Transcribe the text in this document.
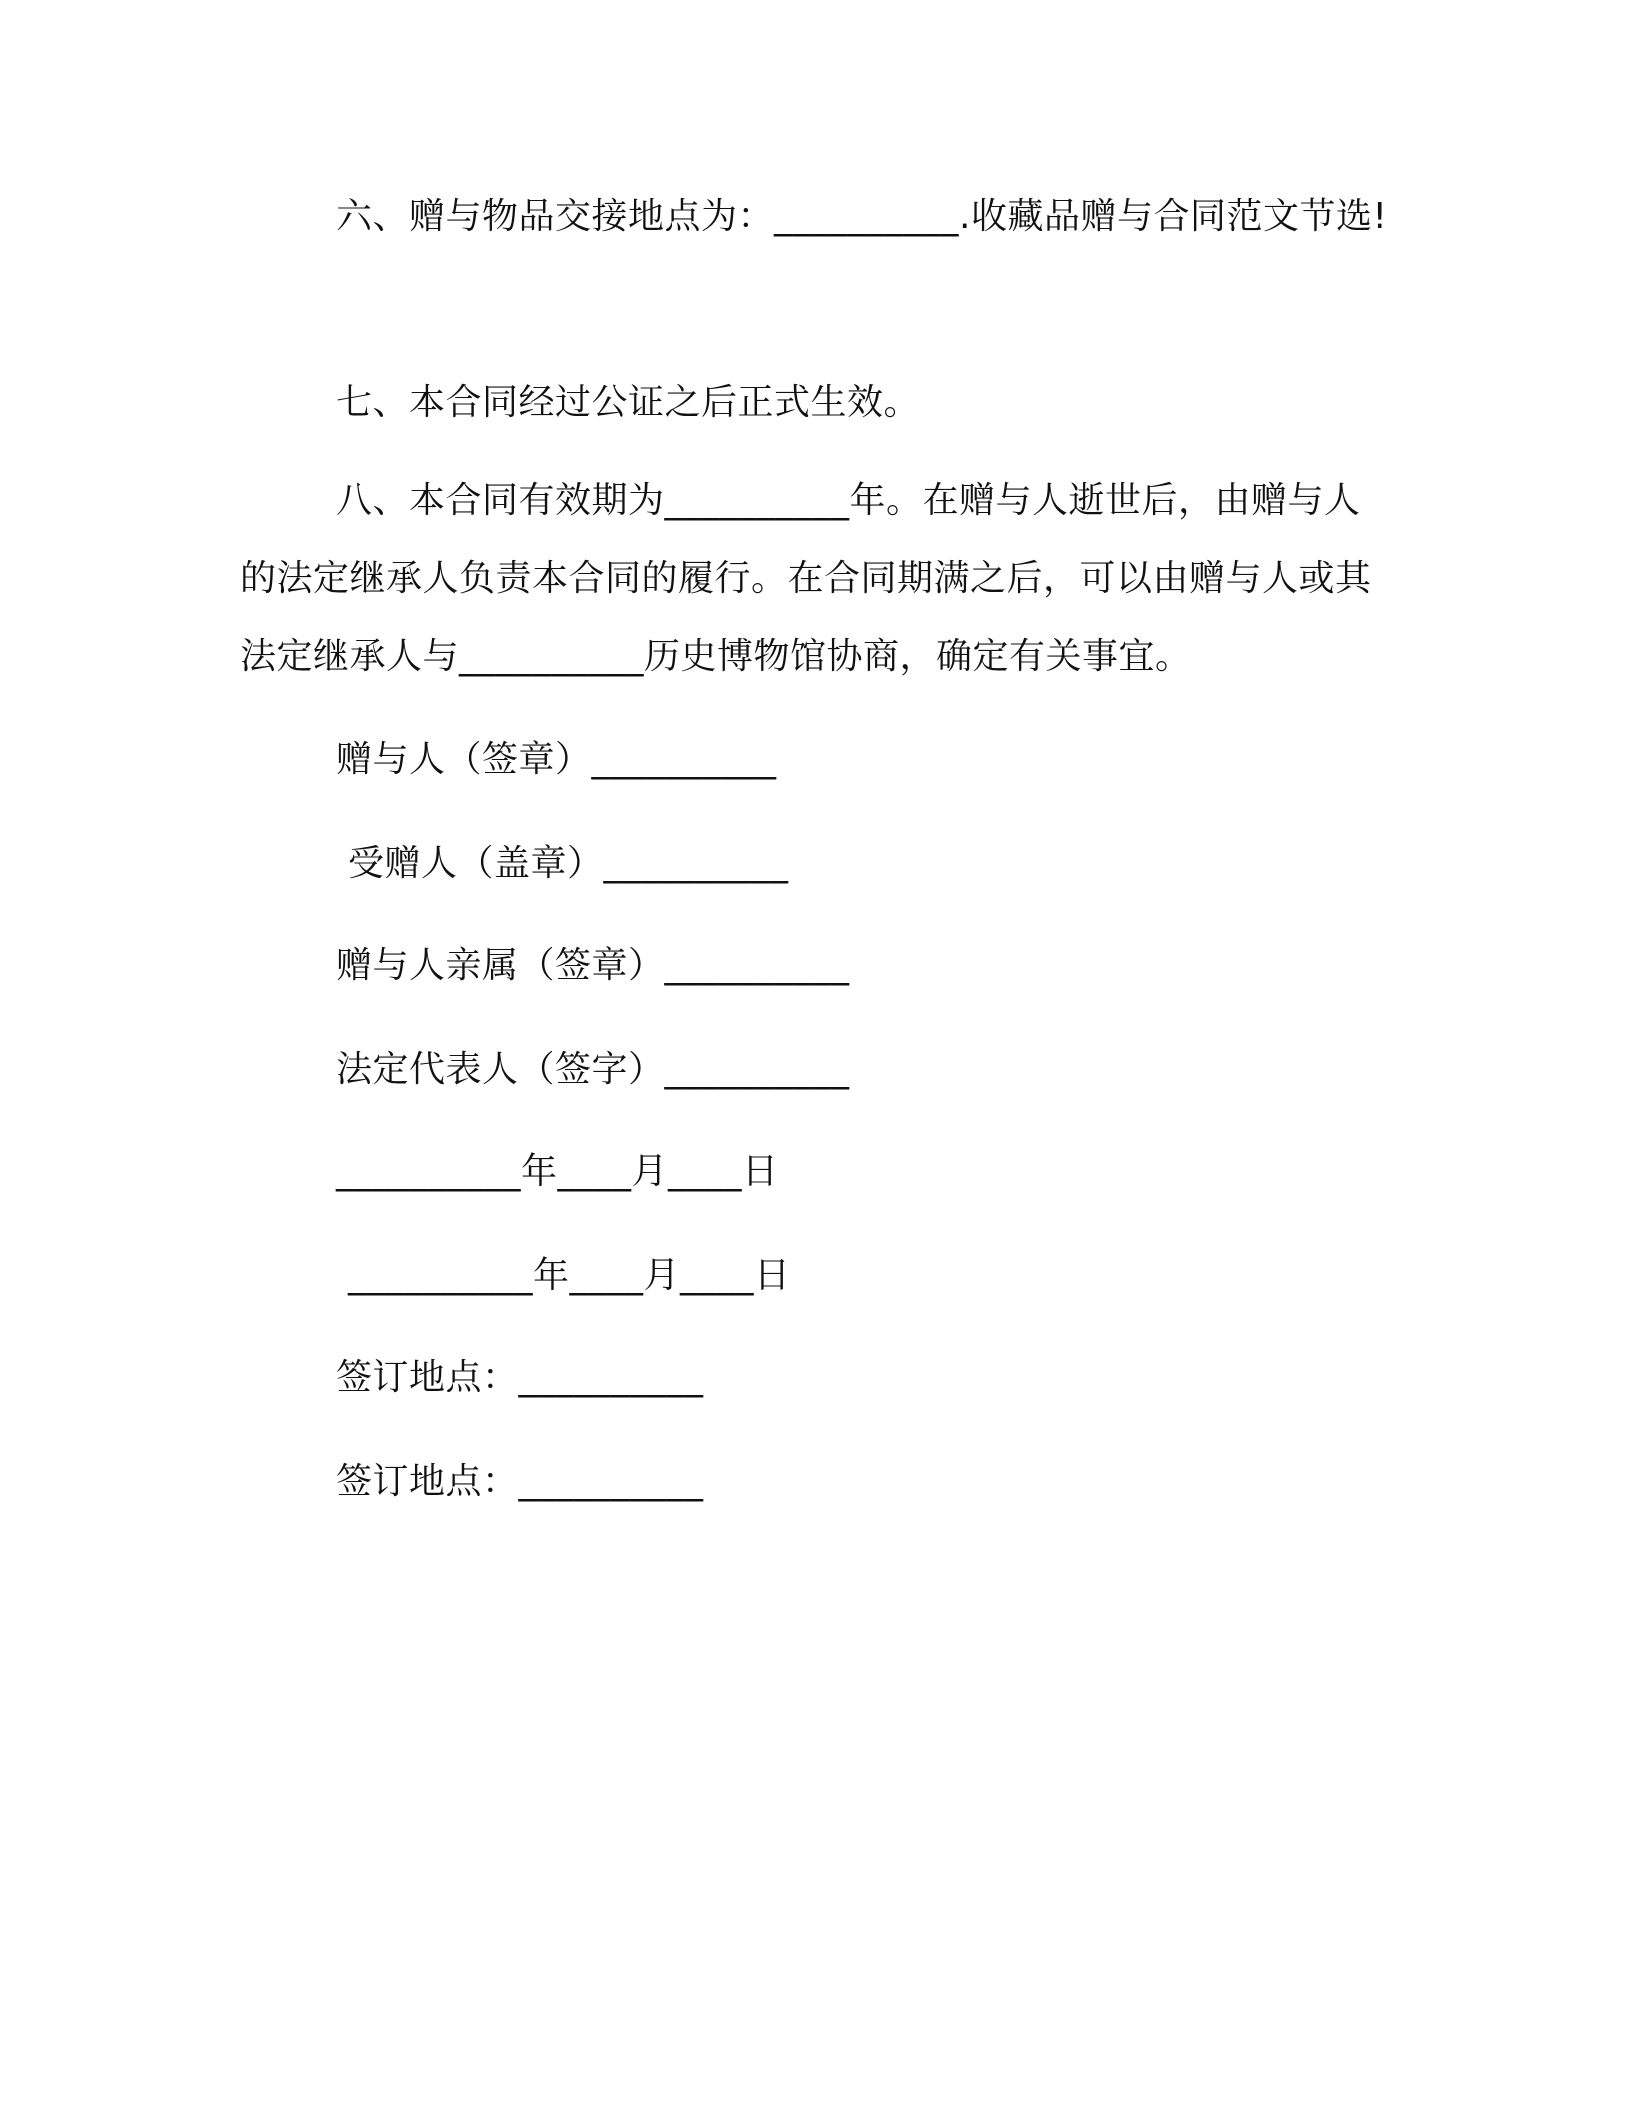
六、赠与物品交接地点为：__________.收藏品赠与合同范文节选!

七、本合同经过公证之后正式生效。

八、本合同有效期为__________年。在赠与人逝世后，由赠与人的法定继承人负责本合同的履行。在合同期满之后，可以由赠与人或其法定继承人与__________历史博物馆协商，确定有关事宜。

赠与人（签章）__________
受赠人（盖章）__________
赠与人亲属（签章）__________
法定代表人（签字）__________
__________年____月____日
__________年____月____日
签订地点：__________
签订地点：__________
